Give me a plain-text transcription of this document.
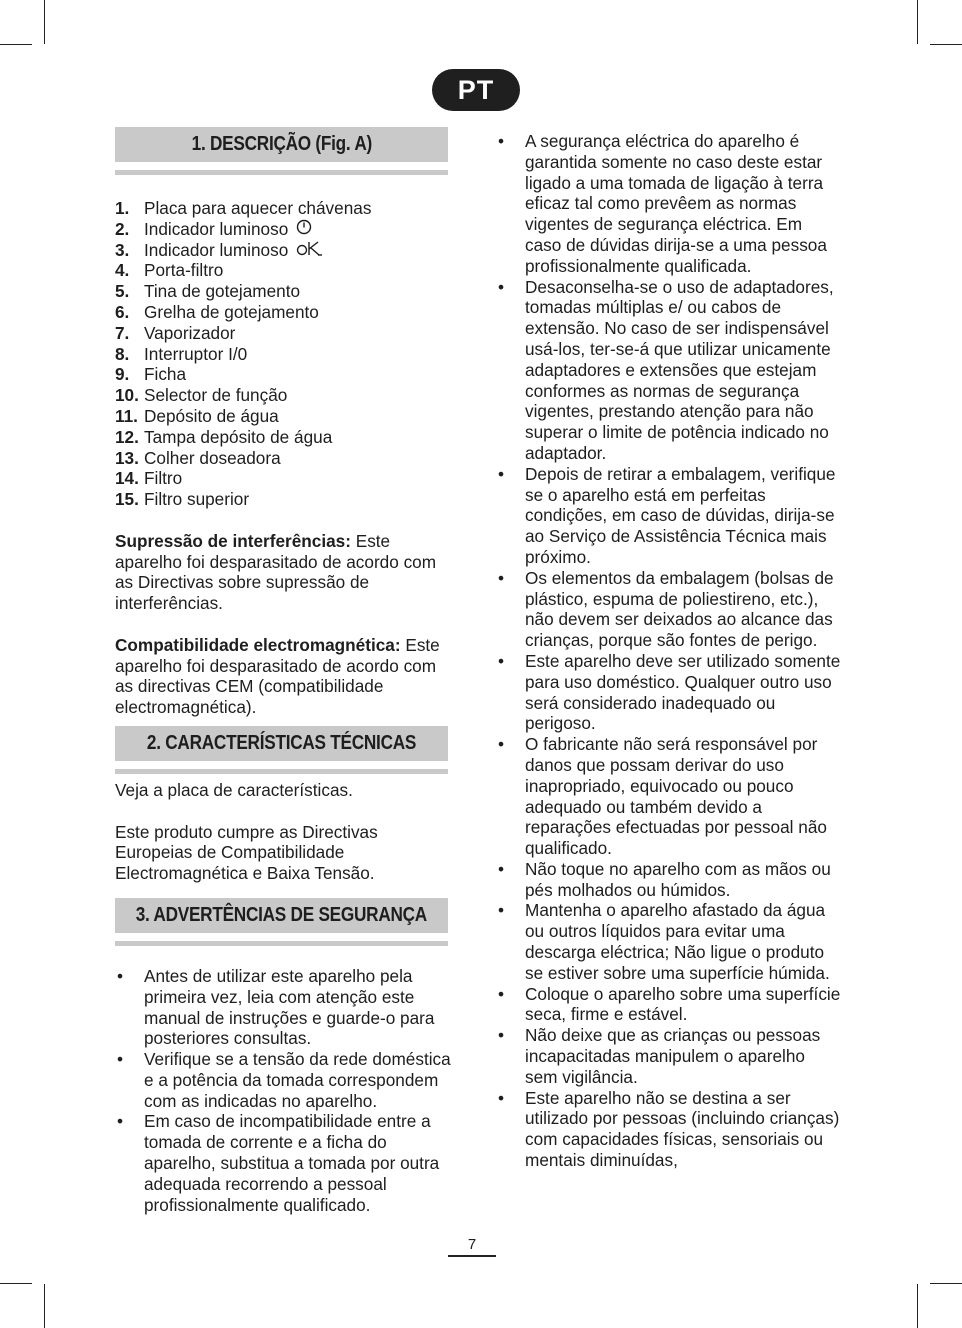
PT
1. DESCRIÇÃO (Fig. A)
1. Placa para aquecer chávenas
2. Indicador luminoso
3. Indicador luminoso
4. Porta-filtro
5. Tina de gotejamento
6. Grelha de gotejamento
7. Vaporizador
8. Interruptor I/0
9. Ficha
10. Selector de função
11. Depósito de água
12. Tampa depósito de água
13. Colher doseadora
14. Filtro
15. Filtro superior
Supressão de interferências: Este aparelho foi desparasitado de acordo com as Directivas sobre supressão de interferências.
Compatibilidade electromagnética: Este aparelho foi desparasitado de acordo com as directivas CEM (compatibilidade electromagnética).
2. CARACTERÍSTICAS TÉCNICAS
Veja a placa de características.
Este produto cumpre as Directivas Europeias de Compatibilidade Electromagnética e Baixa Tensão.
3. ADVERTÊNCIAS DE SEGURANÇA
•	Antes de utilizar este aparelho pela primeira vez, leia com atenção este manual de instruções e guarde-o para posteriores consultas.
•	Verifique se a tensão da rede doméstica e a potência da tomada correspondem com as indicadas no aparelho.
•	Em caso de incompatibilidade entre a tomada de corrente e a ficha do aparelho, substitua a tomada por outra adequada recorrendo a pessoal profissionalmente qualificado.
•	A segurança eléctrica do aparelho é garantida somente no caso deste estar ligado a uma tomada de ligação à terra eficaz tal como prevêem as normas vigentes de segurança eléctrica. Em caso de dúvidas dirija-se a uma pessoa profissionalmente qualificada.
•	Desaconselha-se o uso de adaptadores, tomadas múltiplas e/ ou cabos de extensão. No caso de ser indispensável usá-los, ter-se-á que utilizar unicamente adaptadores e extensões que estejam conformes as normas de segurança vigentes, prestando atenção para não superar o limite de potência indicado no adaptador.
•	Depois de retirar a embalagem, verifique se o aparelho está em perfeitas condições, em caso de dúvidas, dirija-se ao Serviço de Assistência Técnica mais próximo.
•	Os elementos da embalagem (bolsas de plástico, espuma de poliestireno, etc.), não devem ser deixados ao alcance das crianças, porque são fontes de perigo.
•	Este aparelho deve ser utilizado somente para uso doméstico. Qualquer outro uso será considerado inadequado ou perigoso.
•	O fabricante não será responsável por danos que possam derivar do uso inapropriado, equivocado ou pouco adequado ou também devido a reparações efectuadas por pessoal não qualificado.
•	Não toque no aparelho com as mãos ou pés molhados ou húmidos.
•	Mantenha o aparelho afastado da água ou outros líquidos para evitar uma descarga eléctrica; Não ligue o produto se estiver sobre uma superfície húmida.
•	Coloque o aparelho sobre uma superfície seca, firme e estável.
•	Não deixe que as crianças ou pessoas incapacitadas manipulem o aparelho sem vigilância.
•	Este aparelho não se destina a ser utilizado por pessoas (incluindo crianças) com capacidades físicas, sensoriais ou mentais diminuídas,
7
